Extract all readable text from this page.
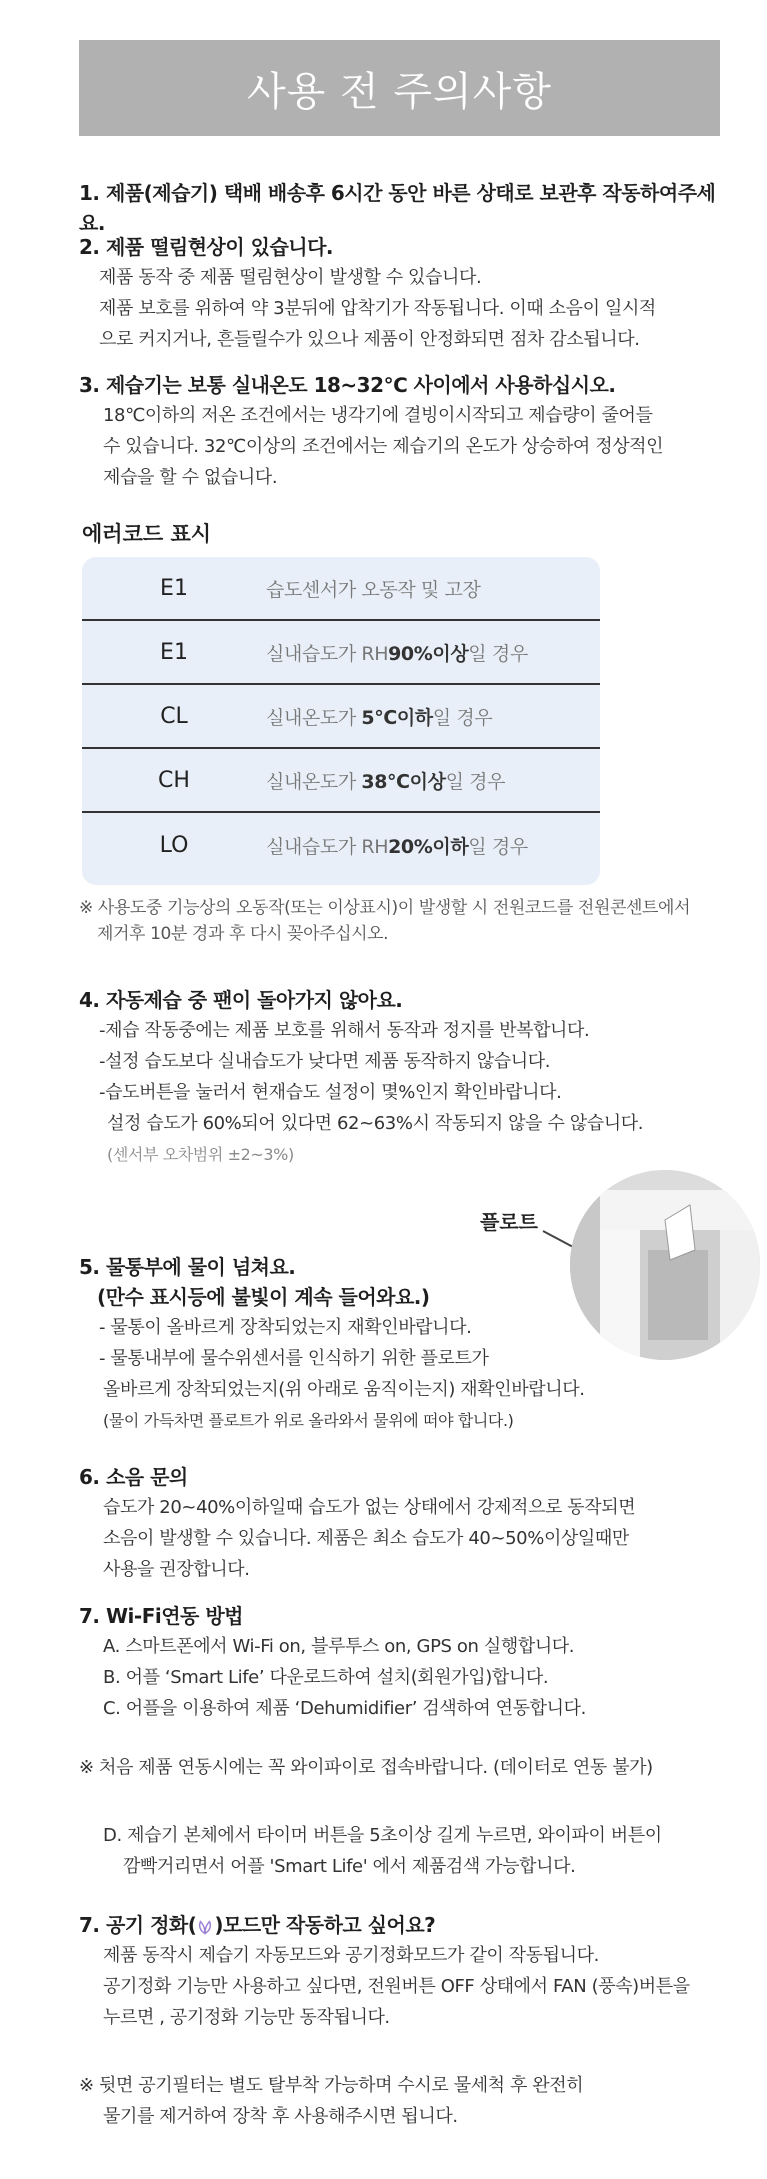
사용 전 주의사항
1. 제품(제습기) 택배 배송후 6시간 동안 바른 상태로 보관후 작동하여주세요.
2. 제품 떨림현상이 있습니다.
제품 동작 중 제품 떨림현상이 발생할 수 있습니다.
제품 보호를 위하여 약 3분뒤에 압착기가 작동됩니다. 이때 소음이 일시적
으로 커지거나, 흔들릴수가 있으나 제품이 안정화되면 점차 감소됩니다.
3. 제습기는 보통 실내온도 18~32℃ 사이에서 사용하십시오.
18℃이하의 저온 조건에서는 냉각기에 결빙이시작되고 제습량이 줄어들
수 있습니다. 32℃이상의 조건에서는 제습기의 온도가 상승하여 정상적인
제습을 할 수 없습니다.
에러코드 표시
E1	습도센서가 오동작 및 고장
E1	실내습도가 RH90%이상일 경우
CL	실내온도가 5℃이하일 경우
CH	실내온도가 38℃이상일 경우
LO	실내습도가 RH20%이하일 경우
※ 사용도중 기능상의 오동작(또는 이상표시)이 발생할 시 전원코드를 전원콘센트에서
제거후 10분 경과 후 다시 꽂아주십시오.
4. 자동제습 중 팬이 돌아가지 않아요.
-제습 작동중에는 제품 보호를 위해서 동작과 정지를 반복합니다.
-설정 습도보다 실내습도가 낮다면 제품 동작하지 않습니다.
-습도버튼을 눌러서 현재습도 설정이 몇%인지 확인바랍니다.
설정 습도가 60%되어 있다면 62~63%시 작동되지 않을 수 않습니다.
(센서부 오차범위 ±2~3%)
플로트
5. 물통부에 물이 넘쳐요.
(만수 표시등에 불빛이 계속 들어와요.)
- 물통이 올바르게 장착되었는지 재확인바랍니다.
- 물통내부에 물수위센서를 인식하기 위한 플로트가
올바르게 장착되었는지(위 아래로 움직이는지) 재확인바랍니다.
(물이 가득차면 플로트가 위로 올라와서 물위에 떠야 합니다.)
6. 소음 문의
습도가 20~40%이하일때 습도가 없는 상태에서 강제적으로 동작되면
소음이 발생할 수 있습니다. 제품은 최소 습도가 40~50%이상일때만
사용을 권장합니다.
7. Wi-Fi연동 방법
A. 스마트폰에서 Wi-Fi on, 블루투스 on, GPS on 실행합니다.
B. 어플 ‘Smart Life’ 다운로드하여 설치(회원가입)합니다.
C. 어플을 이용하여 제품 ‘Dehumidifier’ 검색하여 연동합니다.
※ 처음 제품 연동시에는 꼭 와이파이로 접속바랍니다. (데이터로 연동 불가)
D. 제습기 본체에서 타이머 버튼을 5초이상 길게 누르면, 와이파이 버튼이
깜빡거리면서 어플 'Smart Life' 에서 제품검색 가능합니다.
7. 공기 정화( )모드만 작동하고 싶어요?
제품 동작시 제습기 자동모드와 공기정화모드가 같이 작동됩니다.
공기정화 기능만 사용하고 싶다면, 전원버튼 OFF 상태에서 FAN (풍속)버튼을
누르면 , 공기정화 기능만 동작됩니다.
※ 뒷면 공기필터는 별도 탈부착 가능하며 수시로 물세척 후 완전히
물기를 제거하여 장착 후 사용해주시면 됩니다.
